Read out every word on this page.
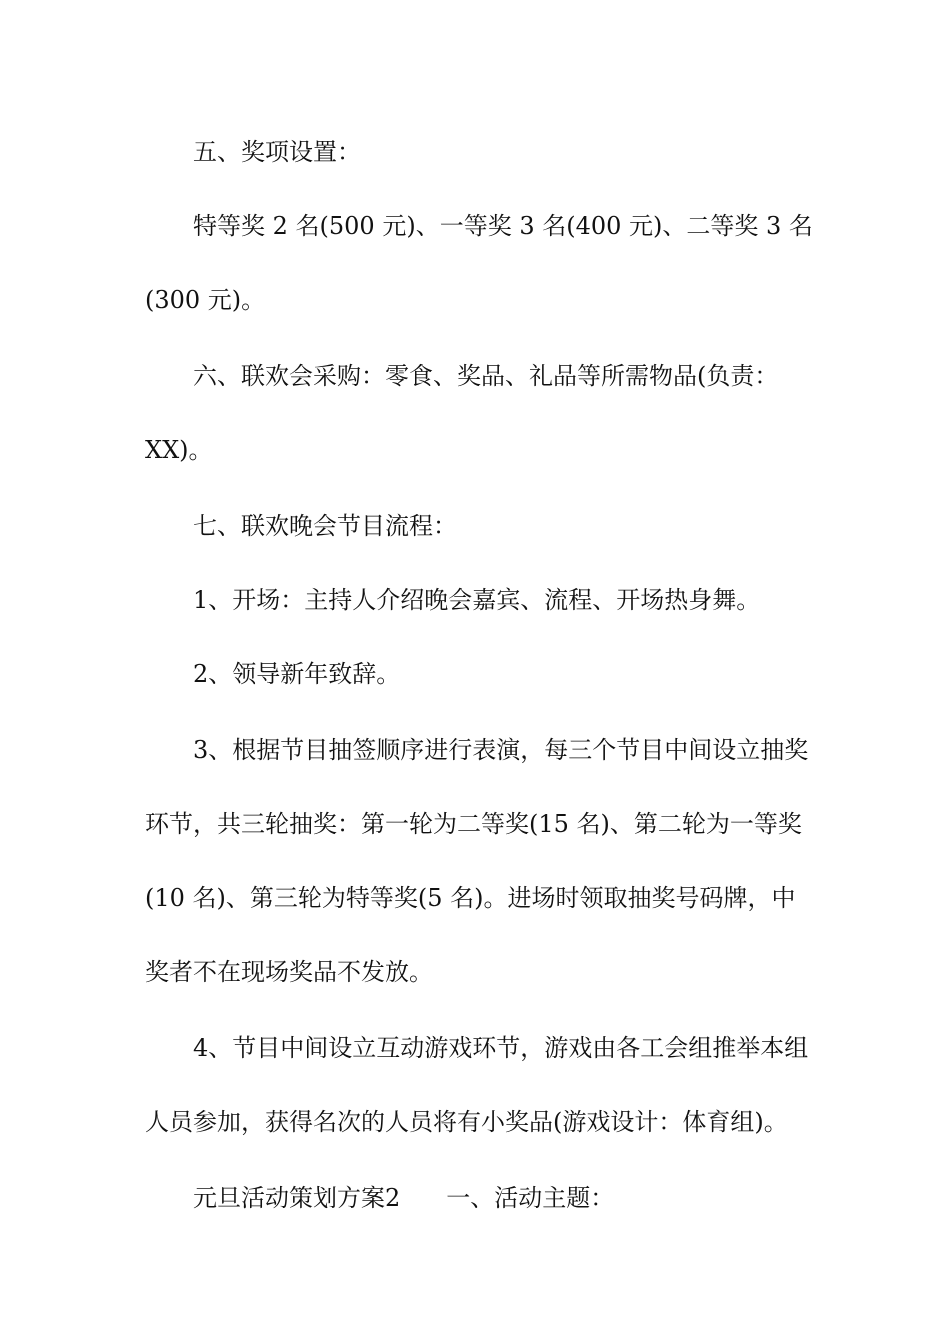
五、奖项设置：
特等奖 2 名(500 元)、一等奖 3 名(400 元)、二等奖 3 名
(300 元)。
六、联欢会采购：零食、奖品、礼品等所需物品(负责：
XX)。
七、联欢晚会节目流程：
1、开场：主持人介绍晚会嘉宾、流程、开场热身舞。
2、领导新年致辞。
3、根据节目抽签顺序进行表演，每三个节目中间设立抽奖
环节，共三轮抽奖：第一轮为二等奖(15 名)、第二轮为一等奖
(10 名)、第三轮为特等奖(5 名)。进场时领取抽奖号码牌，中
奖者不在现场奖品不发放。
4、节目中间设立互动游戏环节，游戏由各工会组推举本组
人员参加，获得名次的人员将有小奖品(游戏设计：体育组)。
元旦活动策划方案2 一、活动主题：
